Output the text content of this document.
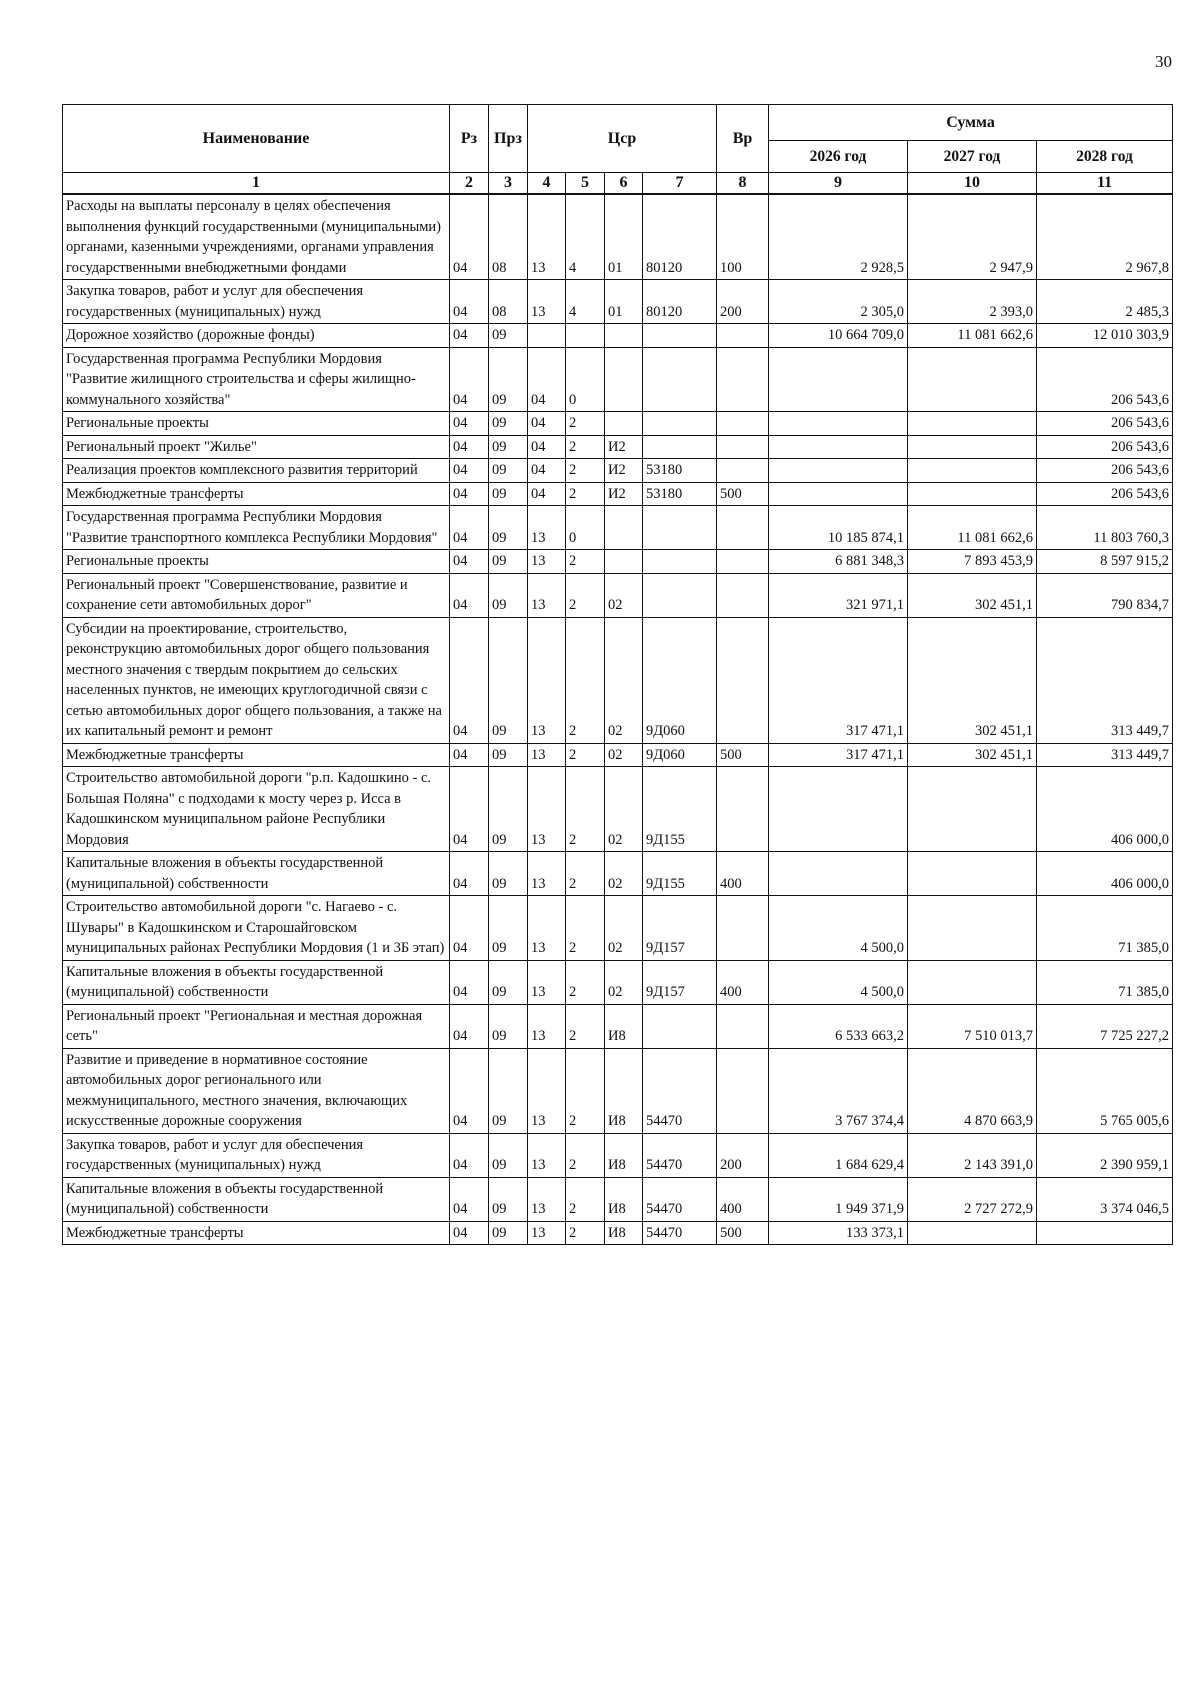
30
Наименование	Рз	Прз	Цср				Вр	Сумма		
								2026 год	2027 год	2028 год
1	2	3	4	5	6	7	8	9	10	11
Расходы на выплаты персоналу в целях обеспечения выполнения функций государственными (муниципальными) органами, казенными учреждениями, органами управления государственными внебюджетными фондами	04	08	13	4	01	80120	100	2 928,5	2 947,9	2 967,8
Закупка товаров, работ и услуг для обеспечения государственных (муниципальных) нужд	04	08	13	4	01	80120	200	2 305,0	2 393,0	2 485,3
Дорожное хозяйство (дорожные фонды)	04	09						10 664 709,0	11 081 662,6	12 010 303,9
Государственная программа Республики Мордовия "Развитие жилищного строительства и сферы жилищно-коммунального хозяйства"	04	09	04	0						206 543,6
Региональные проекты	04	09	04	2						206 543,6
Региональный проект "Жилье"	04	09	04	2	И2					206 543,6
Реализация проектов комплексного развития территорий	04	09	04	2	И2	53180				206 543,6
Межбюджетные трансферты	04	09	04	2	И2	53180	500			206 543,6
Государственная программа Республики Мордовия "Развитие транспортного комплекса Республики Мордовия"	04	09	13	0				10 185 874,1	11 081 662,6	11 803 760,3
Региональные проекты	04	09	13	2				6 881 348,3	7 893 453,9	8 597 915,2
Региональный проект "Совершенствование, развитие и сохранение сети автомобильных дорог"	04	09	13	2	02			321 971,1	302 451,1	790 834,7
Субсидии на проектирование, строительство, реконструкцию автомобильных дорог общего пользования местного значения с твердым покрытием до сельских населенных пунктов, не имеющих круглогодичной связи с сетью автомобильных дорог общего пользования, а также на их капитальный ремонт и ремонт	04	09	13	2	02	9Д060		317 471,1	302 451,1	313 449,7
Межбюджетные трансферты	04	09	13	2	02	9Д060	500	317 471,1	302 451,1	313 449,7
Строительство автомобильной дороги "р.п. Кадошкино - с. Большая Поляна" с подходами к мосту через р. Исса в Кадошкинском муниципальном районе Республики Мордовия	04	09	13	2	02	9Д155				406 000,0
Капитальные вложения в объекты государственной (муниципальной) собственности	04	09	13	2	02	9Д155	400			406 000,0
Строительство автомобильной дороги "с. Нагаево - с. Шувары" в Кадошкинском и Старошайговском муниципальных районах Республики Мордовия (1 и 3Б этап)	04	09	13	2	02	9Д157		4 500,0		71 385,0
Капитальные вложения в объекты государственной (муниципальной) собственности	04	09	13	2	02	9Д157	400	4 500,0		71 385,0
Региональный проект "Региональная и местная дорожная сеть"	04	09	13	2	И8			6 533 663,2	7 510 013,7	7 725 227,2
Развитие и приведение в нормативное состояние автомобильных дорог регионального или межмуниципального, местного значения, включающих искусственные дорожные сооружения	04	09	13	2	И8	54470		3 767 374,4	4 870 663,9	5 765 005,6
Закупка товаров, работ и услуг для обеспечения государственных (муниципальных) нужд	04	09	13	2	И8	54470	200	1 684 629,4	2 143 391,0	2 390 959,1
Капитальные вложения в объекты государственной (муниципальной) собственности	04	09	13	2	И8	54470	400	1 949 371,9	2 727 272,9	3 374 046,5
Межбюджетные трансферты	04	09	13	2	И8	54470	500	133 373,1		
